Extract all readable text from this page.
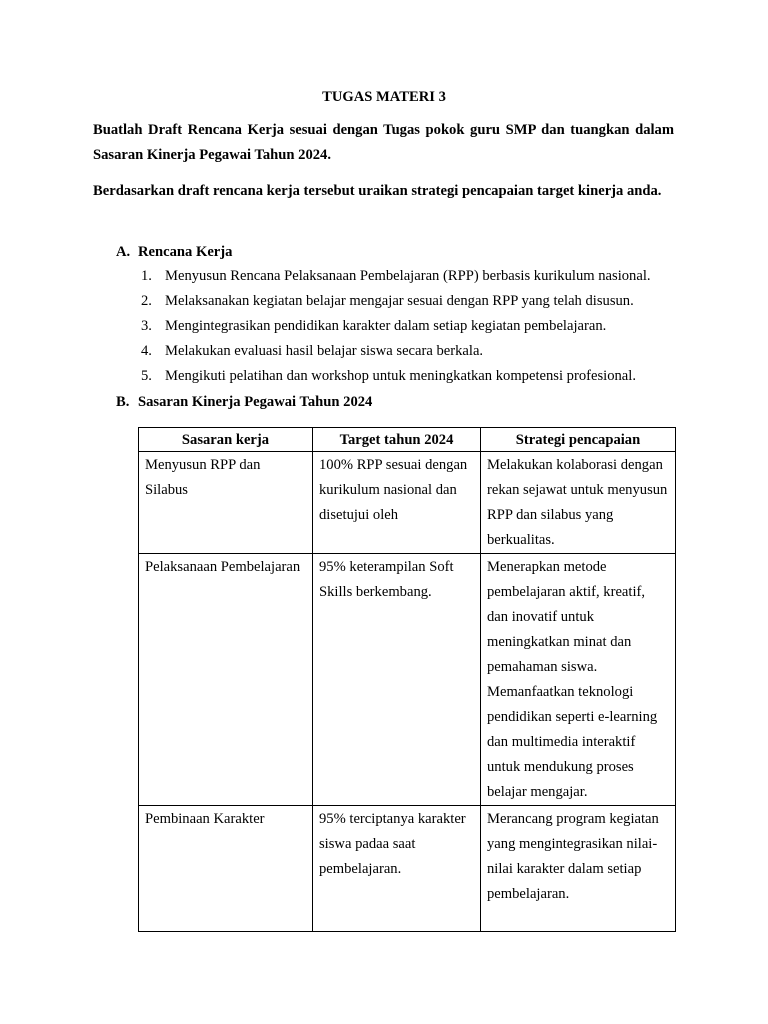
TUGAS MATERI 3
Buatlah Draft Rencana Kerja sesuai dengan Tugas pokok guru SMP dan tuangkan dalam Sasaran Kinerja Pegawai Tahun 2024.
Berdasarkan draft rencana kerja tersebut uraikan strategi pencapaian target kinerja anda.
A. Rencana Kerja
1. Menyusun Rencana Pelaksanaan Pembelajaran (RPP) berbasis kurikulum nasional.
2. Melaksanakan kegiatan belajar mengajar sesuai dengan RPP yang telah disusun.
3. Mengintegrasikan pendidikan karakter dalam setiap kegiatan pembelajaran.
4. Melakukan evaluasi hasil belajar siswa secara berkala.
5. Mengikuti pelatihan dan workshop untuk meningkatkan kompetensi profesional.
B. Sasaran Kinerja Pegawai Tahun 2024
Sasaran kerja	Target tahun 2024	Strategi pencapaian
Menyusun RPP dan Silabus	100% RPP sesuai dengan kurikulum nasional dan disetujui oleh	Melakukan kolaborasi dengan rekan sejawat untuk menyusun RPP dan silabus yang berkualitas.
Pelaksanaan Pembelajaran	95% keterampilan Soft Skills berkembang.	Menerapkan metode pembelajaran aktif, kreatif, dan inovatif untuk meningkatkan minat dan pemahaman siswa. Memanfaatkan teknologi pendidikan seperti e-learning dan multimedia interaktif untuk mendukung proses belajar mengajar.
Pembinaan Karakter	95% terciptanya karakter siswa padaa saat pembelajaran.	Merancang program kegiatan yang mengintegrasikan nilai-nilai karakter dalam setiap pembelajaran.
